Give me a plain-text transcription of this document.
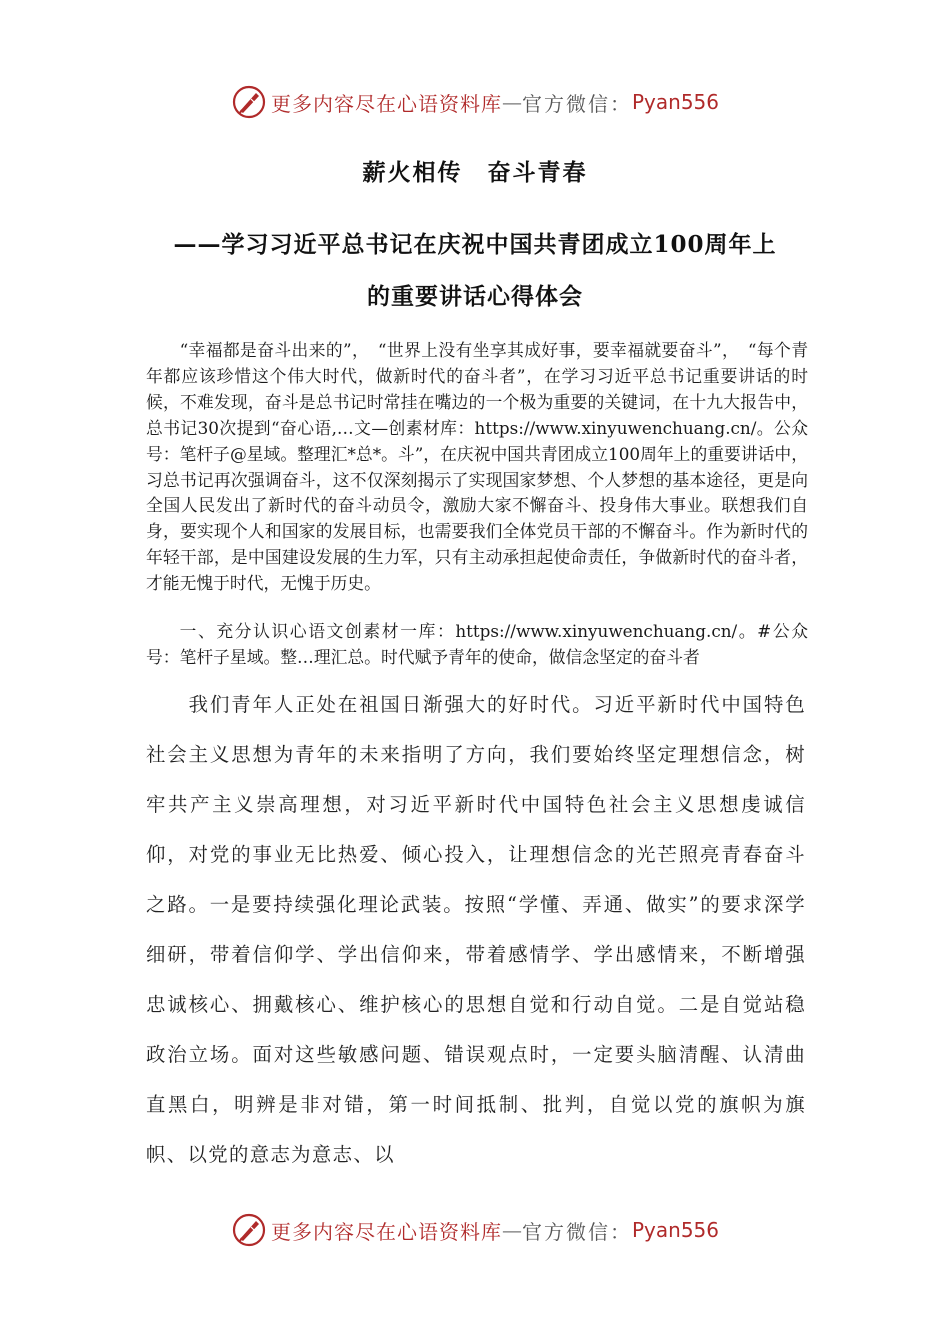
更多内容尽在心语资料库 — 官方微信： Pyan556
薪火相传　奋斗青春
——学习习近平总书记在庆祝中国共青团成立100周年上
的重要讲话心得体会

“幸福都是奋斗出来的”，　“世界上没有坐享其成好事，要幸福就要奋斗”，　“每个青年都应该珍惜这个伟大时代，做新时代的奋斗者”，在学习习近平总书记重要讲话的时候，不难发现，奋斗是总书记时常挂在嘴边的一个极为重要的关键词，在十九大报告中，总书记30次提到“奋心语,…文—创素材库：https://www.xinyuwenchuang.cn/。公众号：笔杆子@星域。整理汇*总*。斗”，在庆祝中国共青团成立100周年上的重要讲话中，习总书记再次强调奋斗，这不仅深刻揭示了实现国家梦想、个人梦想的基本途径，更是向全国人民发出了新时代的奋斗动员令，激励大家不懈奋斗、投身伟大事业。联想我们自身，要实现个人和国家的发展目标，也需要我们全体党员干部的不懈奋斗。作为新时代的年轻干部，是中国建设发展的生力军，只有主动承担起使命责任，争做新时代的奋斗者，才能无愧于时代，无愧于历史。

一、充分认识心语文创素材一库：https://www.xinyuwenchuang.cn/。#公众号：笔杆子星域。整…理汇总。时代赋予青年的使命，做信念坚定的奋斗者

我们青年人正处在祖国日渐强大的好时代。习近平新时代中国特色社会主义思想为青年的未来指明了方向，我们要始终坚定理想信念，树牢共产主义崇高理想，对习近平新时代中国特色社会主义思想虔诚信仰，对党的事业无比热爱、倾心投入，让理想信念的光芒照亮青春奋斗之路。一是要持续强化理论武装。按照“学懂、弄通、做实”的要求深学细研，带着信仰学、学出信仰来，带着感情学、学出感情来，不断增强忠诚核心、拥戴核心、维护核心的思想自觉和行动自觉。二是自觉站稳政治立场。面对这些敏感问题、错误观点时，一定要头脑清醒、认清曲直黑白，明辨是非对错，第一时间抵制、批判，自觉以党的旗帜为旗帜、以党的意志为意志、以

更多内容尽在心语资料库 — 官方微信： Pyan556
